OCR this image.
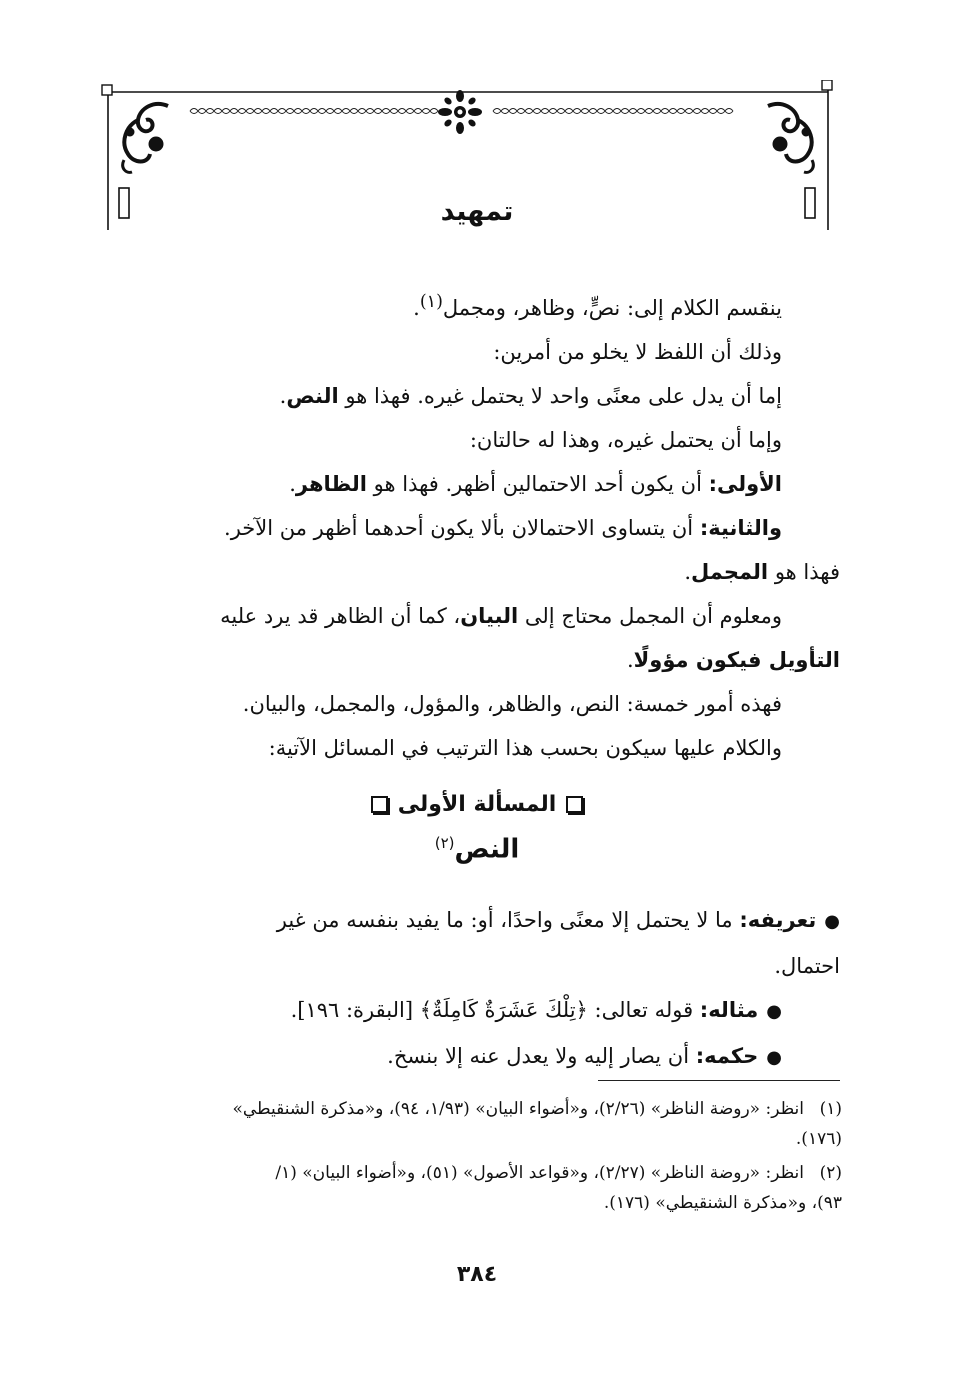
تمهيد

ينقسم الكلام إلى: نصٍّ، وظاهر، ومجمل$^{(١)}$.

وذلك أن اللفظ لا يخلو من أمرين:

إما أن يدل على معنًى واحد لا يحتمل غيره. فهذا هو النص.

وإما أن يحتمل غيره، وهذا له حالتان:

الأولى: أن يكون أحد الاحتمالين أظهر. فهذا هو الظاهر.

والثانية: أن يتساوى الاحتمالان بألا يكون أحدهما أظهر من الآخر.

فهذا هو المجمل.

ومعلوم أن المجمل محتاج إلى البيان، كما أن الظاهر قد يرد عليه

التأويل فيكون مؤولًا.

فهذه أمور خمسة: النص، والظاهر، والمؤول، والمجمل، والبيان.

والكلام عليها سيكون بحسب هذا الترتيب في المسائل الآتية:

المسألة الأولى
النص$^{(٢)}$

●تعريفه: ما لا يحتمل إلا معنًى واحدًا، أو: ما يفيد بنفسه من غير

احتمال.

●مثاله: قوله تعالى: ﴿تِلْكَ عَشَرَةٌ كَامِلَةٌ﴾ [البقرة: ١٩٦].

●حكمه: أن يصار إليه ولا يعدل عنه إلا بنسخ.

(١)انظر: «روضة الناظر» (٢/٢٦)، و«أضواء البيان» (١/٩٣، ٩٤)، و«مذكرة الشنقيطي»
(١٧٦).

(٢)انظر: «روضة الناظر» (٢/٢٧)، و«قواعد الأصول» (٥١)، و«أضواء البيان» (١/
٩٣)، و«مذكرة الشنقيطي» (١٧٦).

٣٨٤
